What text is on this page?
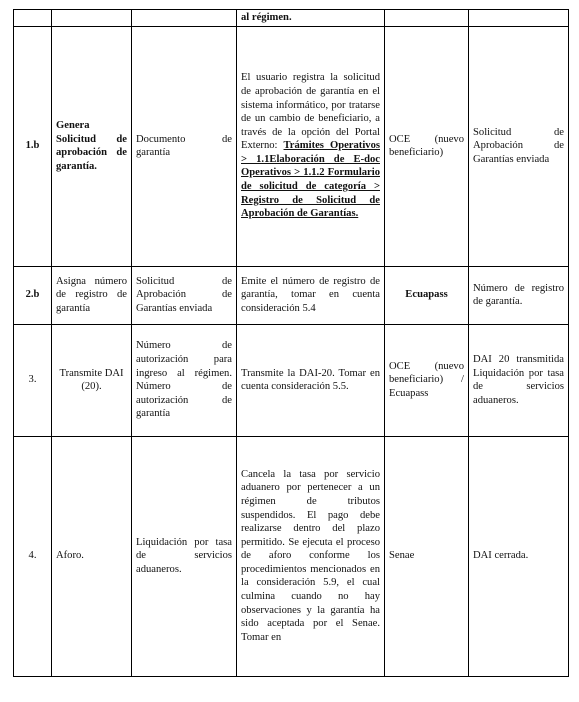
			al régimen.		
1.b	Genera Solicitud de aprobación de garantía.	Documento de garantía	El usuario registra la solicitud de aprobación de garantía en el sistema informático, por tratarse de un cambio de beneficiario, a través de la opción del Portal Externo: Trámites Operativos > 1.1Elaboración de E-doc Operativos > 1.1.2 Formulario de solicitud de categoría > Registro de Solicitud de Aprobación de Garantías.	OCE (nuevo beneficiario)	Solicitud de Aprobación de Garantías enviada
2.b	Asigna número de registro de garantía	Solicitud de Aprobación de Garantías enviada	Emite el número de registro de garantía, tomar en cuenta consideración 5.4	Ecuapass	Número de registro de garantía.
3.	Transmite DAI (20).	Número de autorización para ingreso al régimen. Número de autorización de garantía	Transmite la DAI-20. Tomar en cuenta consideración 5.5.	OCE (nuevo beneficiario) / Ecuapass	DAI 20 transmitida Liquidación por tasa de servicios aduaneros.
4.	Aforo.	Liquidación por tasa de servicios aduaneros.	Cancela la tasa por servicio aduanero por pertenecer a un régimen de tributos suspendidos. El pago debe realizarse dentro del plazo permitido. Se ejecuta el proceso de aforo conforme los procedimientos mencionados en la consideración 5.9, el cual culmina cuando no hay observaciones y la garantía ha sido aceptada por el Senae. Tomar en	Senae	DAI cerrada.
